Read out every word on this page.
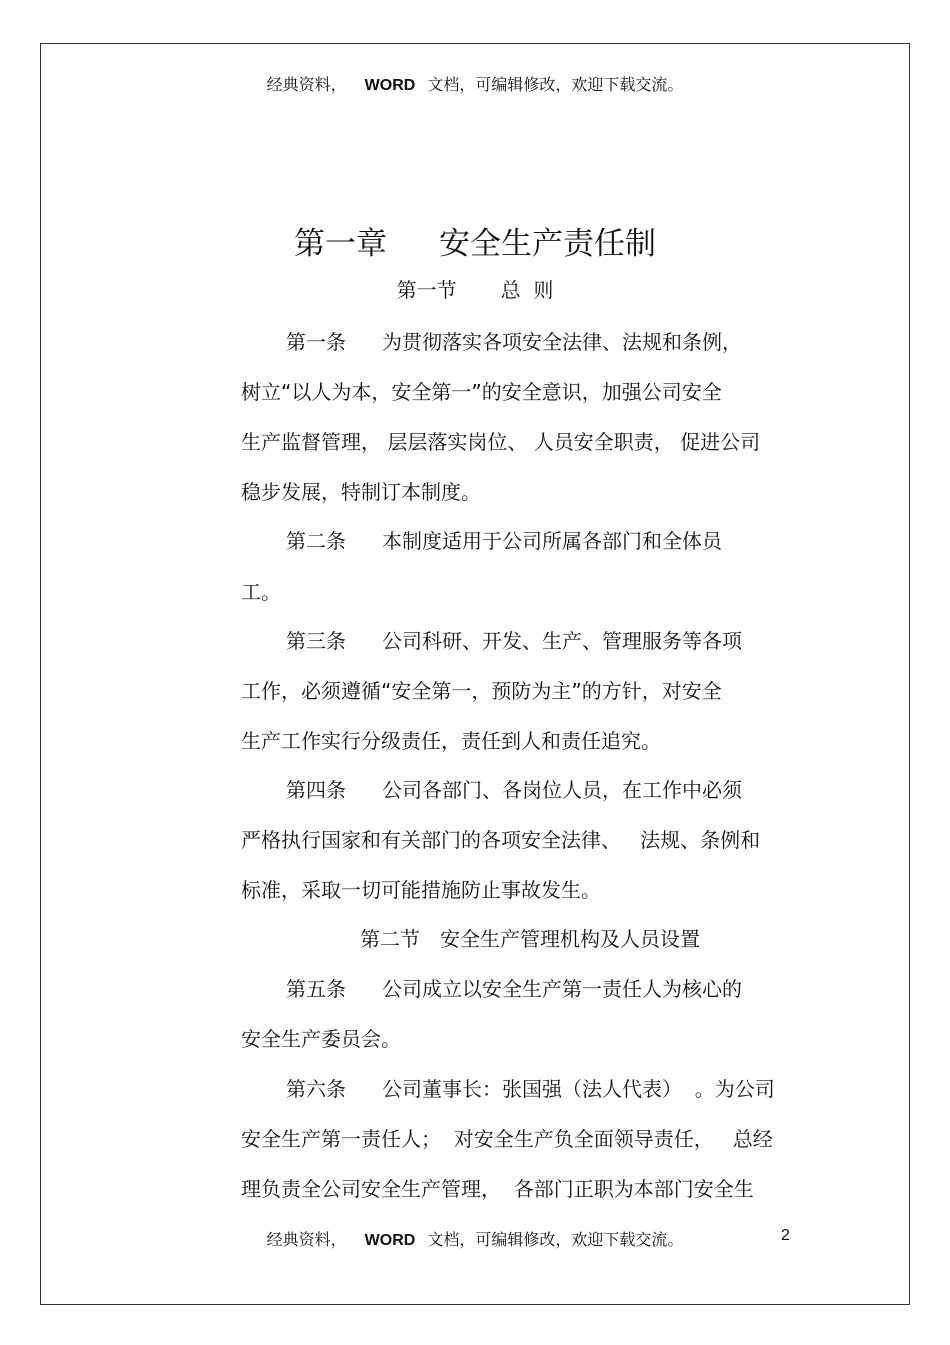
经典资料， WORD 文档，可编辑修改，欢迎下载交流。
第一章 安全生产责任制
第一节 总  则
第一条 为贯彻落实各项安全法律、法规和条例，
树立“以人为本，安全第一”的安全意识，加强公司安全
生产监督管理， 层层落实岗位、 人员安全职责， 促进公司
稳步发展，特制订本制度。
第二条 本制度适用于公司所属各部门和全体员
工。
第三条 公司科研、开发、生产、管理服务等各项
工作，必须遵循“安全第一，预防为主”的方针，对安全
生产工作实行分级责任，责任到人和责任追究。
第四条 公司各部门、各岗位人员，在工作中必须
严格执行国家和有关部门的各项安全法律、   法规、条例和
标准，采取一切可能措施防止事故发生。
第二节 安全生产管理机构及人员设置
第五条 公司成立以安全生产第一责任人为核心的
安全生产委员会。
第六条 公司董事长：张国强（法人代表）  。为公司
安全生产第一责任人；  对安全生产负全面领导责任，   总经
理负责全公司安全生产管理，  各部门正职为本部门安全生
经典资料， WORD 文档，可编辑修改，欢迎下载交流。	2
